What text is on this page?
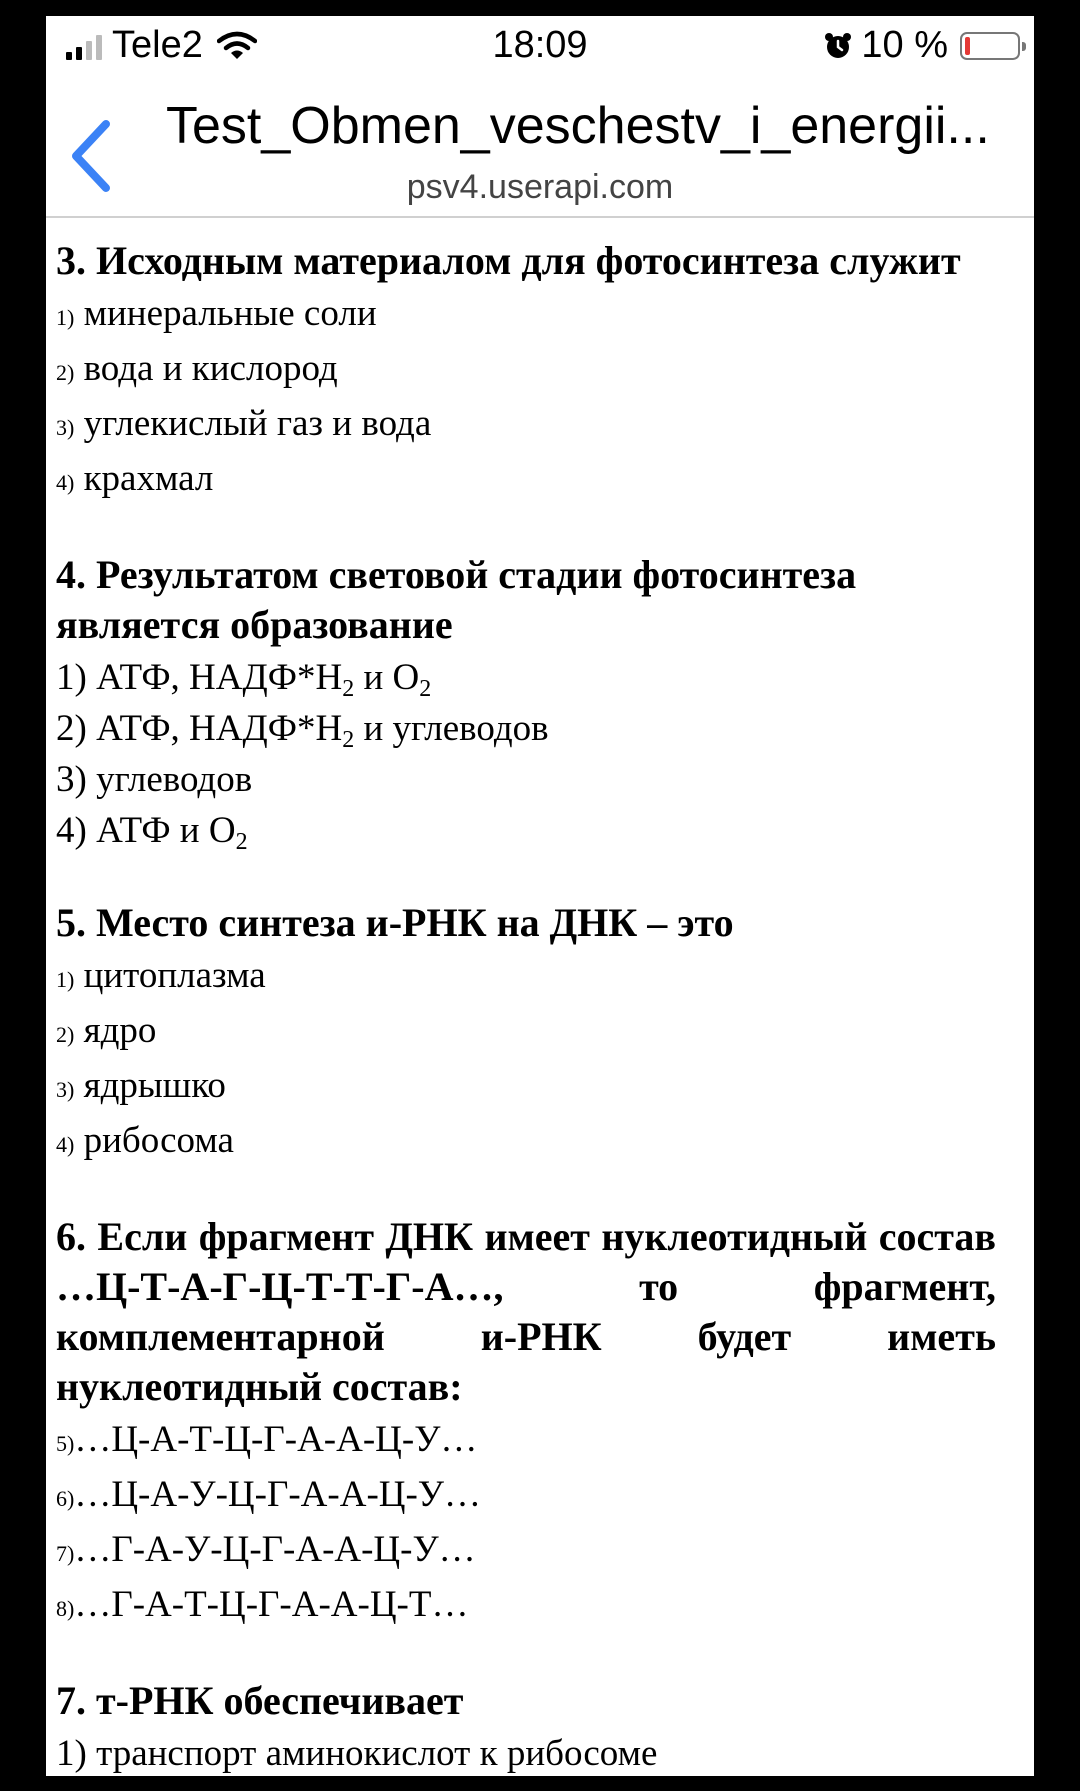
Tele2	18:09	10 %
Test_Obmen_veschestv_i_energii...
psv4.userapi.com
3. Исходным материалом для фотосинтеза служит
1) минеральные соли
2) вода и кислород
3) углекислый газ и вода
4) крахмал
4. Результатом световой стадии фотосинтеза является образование
1) АТФ, $НАДФ*Н_2$ и $О_2$
2) АТФ, $НАДФ*Н_2$ и углеводов
3) углеводов
4) АТФ и $О_2$
5. Место синтеза и-РНК на ДНК – это
1) цитоплазма
2) ядро
3) ядрышко
4) рибосома
6. Если фрагмент ДНК имеет нуклеотидный состав …Ц-Т-А-Г-Ц-Т-Т-Г-А…, то фрагмент, комплементарной и-РНК будет иметь нуклеотидный состав:
5)…Ц-А-Т-Ц-Г-А-А-Ц-У…
6)…Ц-А-У-Ц-Г-А-А-Ц-У…
7)…Г-А-У-Ц-Г-А-А-Ц-У…
8)…Г-А-Т-Ц-Г-А-А-Ц-Т…
7. т-РНК обеспечивает
1) транспорт аминокислот к рибосоме
